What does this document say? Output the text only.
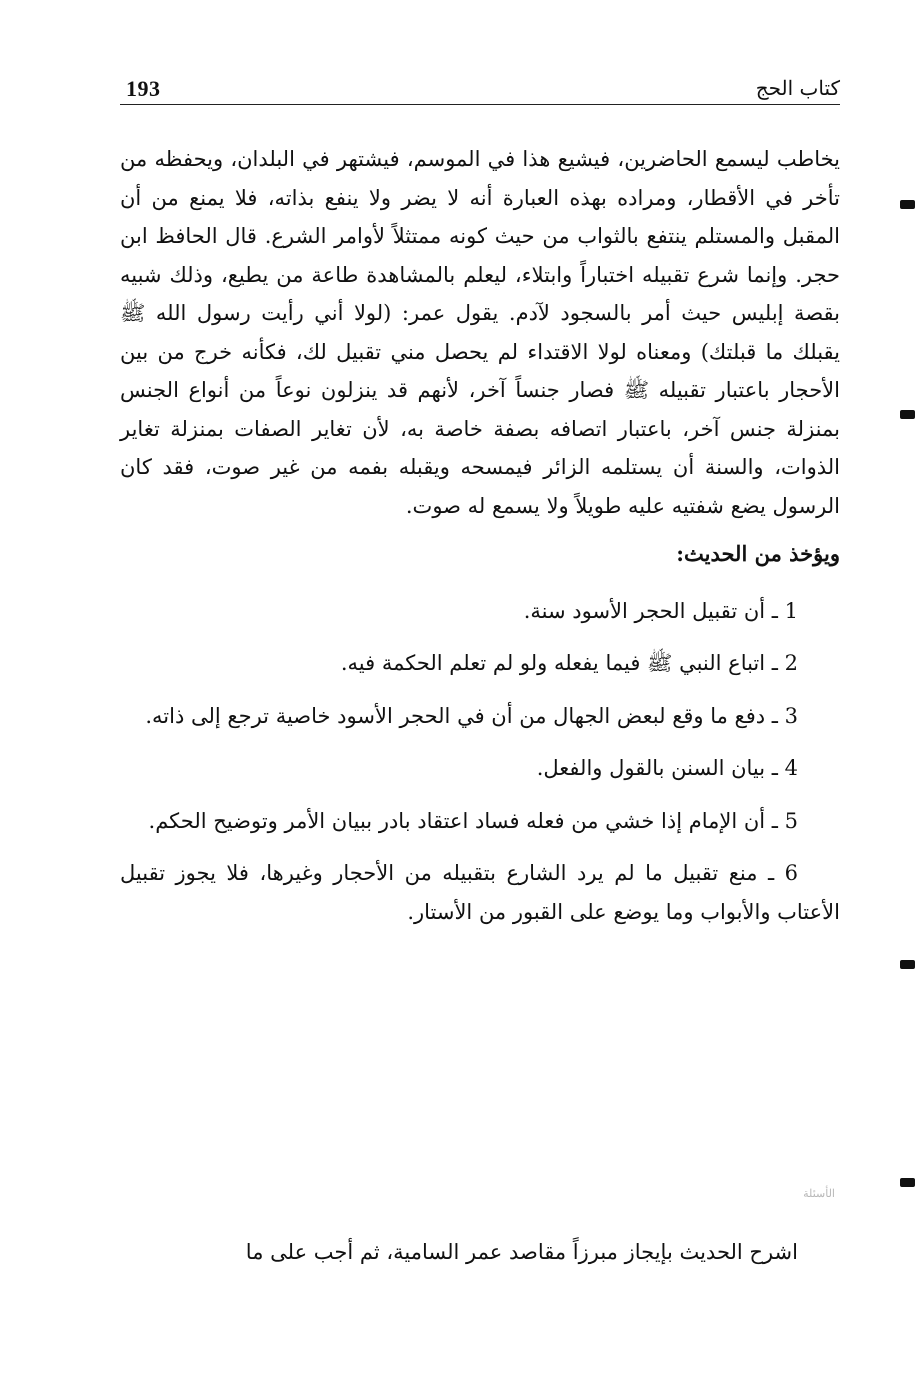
193	كتاب الحج

يخاطب ليسمع الحاضرين، فيشيع هذا في الموسم، فيشتهر في البلدان، ويحفظه من تأخر في الأقطار، ومراده بهذه العبارة أنه لا يضر ولا ينفع بذاته، فلا يمنع من أن المقبل والمستلم ينتفع بالثواب من حيث كونه ممتثلاً لأوامر الشرع. قال الحافظ ابن حجر. وإنما شرع تقبيله اختباراً وابتلاء، ليعلم بالمشاهدة طاعة من يطيع، وذلك شبيه بقصة إبليس حيث أمر بالسجود لآدم. يقول عمر: (لولا أني رأيت رسول الله ﷺ يقبلك ما قبلتك) ومعناه لولا الاقتداء لم يحصل مني تقبيل لك، فكأنه خرج من بين الأحجار باعتبار تقبيله ﷺ فصار جنساً آخر، لأنهم قد ينزلون نوعاً من أنواع الجنس بمنزلة جنس آخر، باعتبار اتصافه بصفة خاصة به، لأن تغاير الصفات بمنزلة تغاير الذوات، والسنة أن يستلمه الزائر فيمسحه ويقبله بفمه من غير صوت، فقد كان الرسول يضع شفتيه عليه طويلاً ولا يسمع له صوت.

ويؤخذ من الحديث:

1 ـ أن تقبيل الحجر الأسود سنة.

2 ـ اتباع النبي ﷺ فيما يفعله ولو لم تعلم الحكمة فيه.

3 ـ دفع ما وقع لبعض الجهال من أن في الحجر الأسود خاصية ترجع إلى ذاته.

4 ـ بيان السنن بالقول والفعل.

5 ـ أن الإمام إذا خشي من فعله فساد اعتقاد بادر ببيان الأمر وتوضيح الحكم.

6 ـ منع تقبيل ما لم يرد الشارع بتقبيله من الأحجار وغيرها، فلا يجوز تقبيل الأعتاب والأبواب وما يوضع على القبور من الأستار.

الأسئلة
اشرح الحديث بإيجاز مبرزاً مقاصد عمر السامية، ثم أجب على ما
